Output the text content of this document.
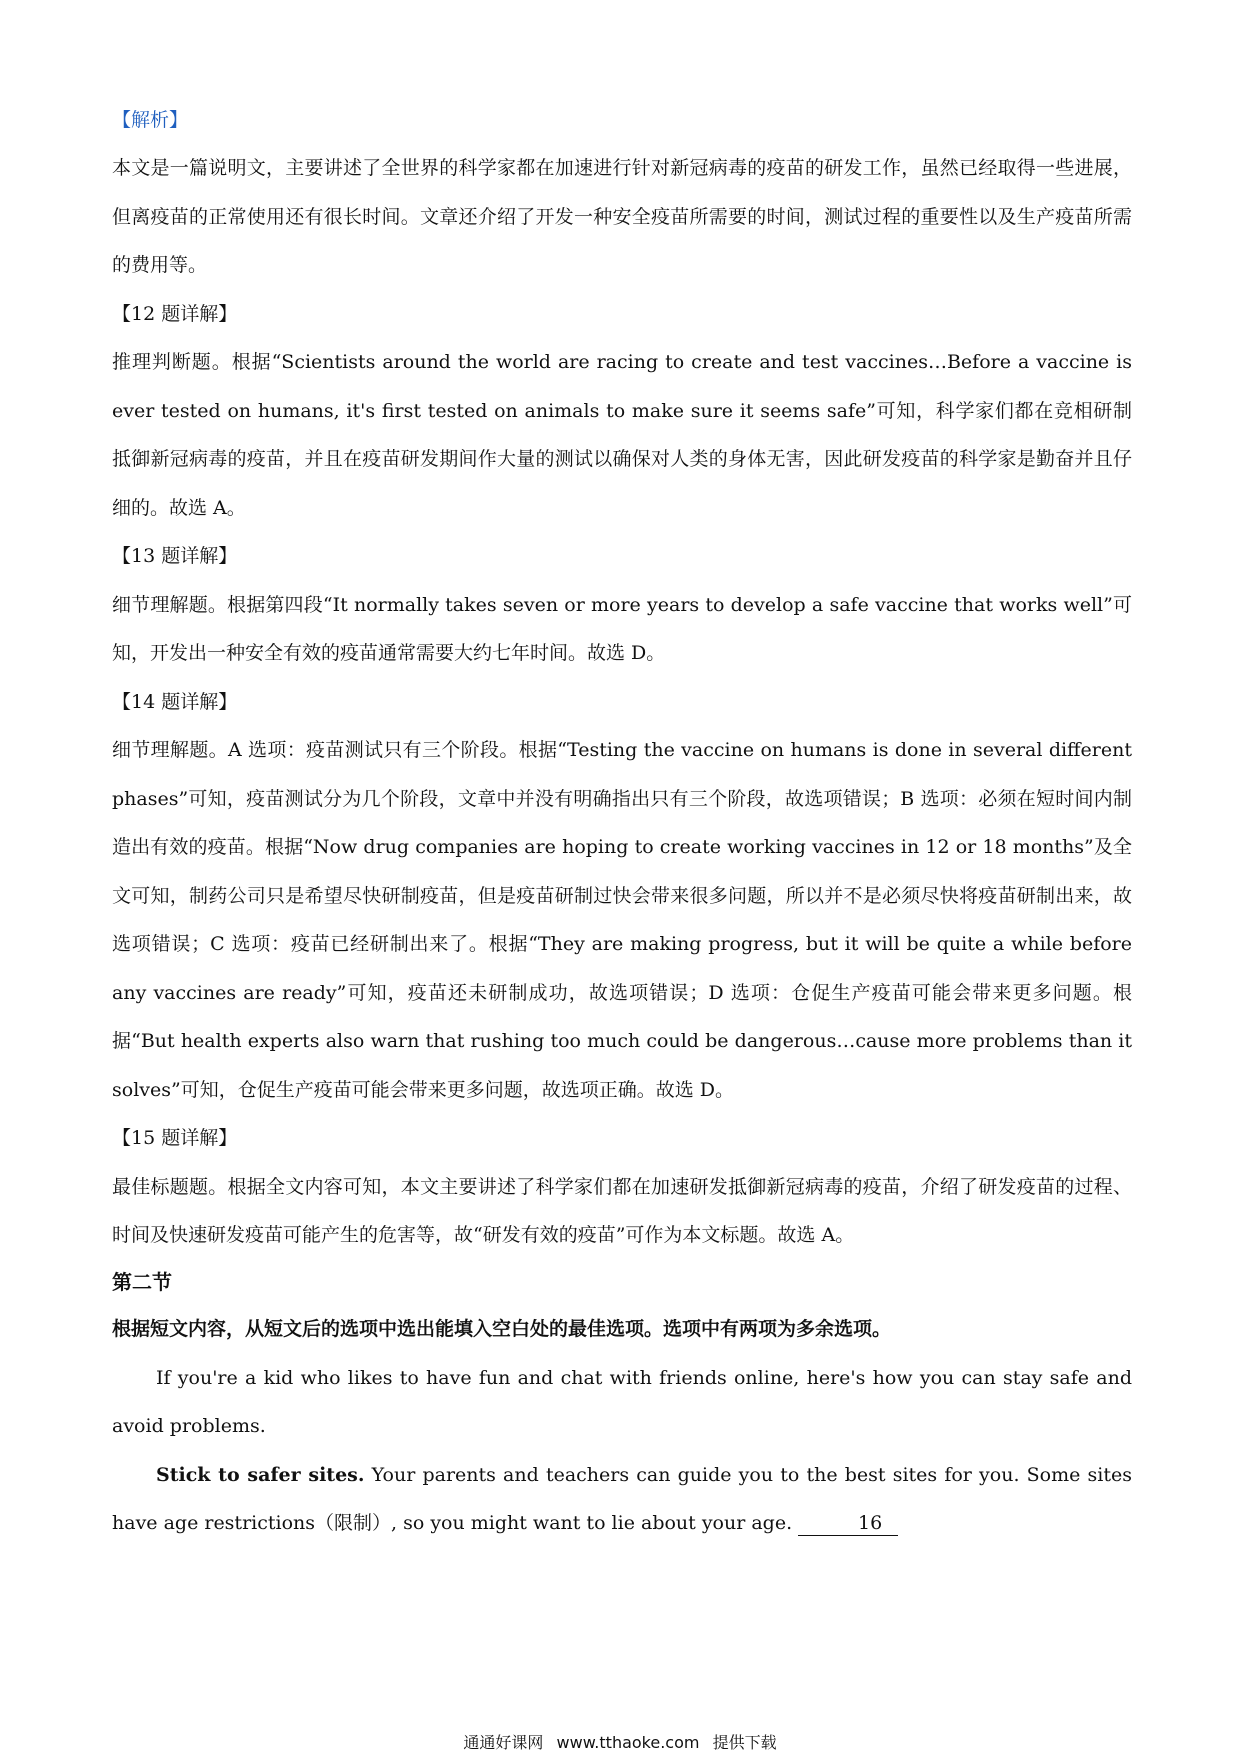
【解析】

本文是一篇说明文，主要讲述了全世界的科学家都在加速进行针对新冠病毒的疫苗的研发工作，虽然已经取得一些进展，但离疫苗的正常使用还有很长时间。文章还介绍了开发一种安全疫苗所需要的时间，测试过程的重要性以及生产疫苗所需的费用等。

【12 题详解】

推理判断题。根据“Scientists around the world are racing to create and test vaccines…Before a vaccine is ever tested on humans, it's first tested on animals to make sure it seems safe”可知，科学家们都在竞相研制抵御新冠病毒的疫苗，并且在疫苗研发期间作大量的测试以确保对人类的身体无害，因此研发疫苗的科学家是勤奋并且仔细的。故选 A。

【13 题详解】

细节理解题。根据第四段“It normally takes seven or more years to develop a safe vaccine that works well”可知，开发出一种安全有效的疫苗通常需要大约七年时间。故选 D。

【14 题详解】

细节理解题。A 选项：疫苗测试只有三个阶段。根据“Testing the vaccine on humans is done in several different phases”可知，疫苗测试分为几个阶段，文章中并没有明确指出只有三个阶段，故选项错误；B 选项：必须在短时间内制造出有效的疫苗。根据“Now drug companies are hoping to create working vaccines in 12 or 18 months”及全文可知，制药公司只是希望尽快研制疫苗，但是疫苗研制过快会带来很多问题，所以并不是必须尽快将疫苗研制出来，故选项错误；C 选项：疫苗已经研制出来了。根据“They are making progress, but it will be quite a while before any vaccines are ready”可知，疫苗还未研制成功，故选项错误；D 选项：仓促生产疫苗可能会带来更多问题。根据“But health experts also warn that rushing too much could be dangerous…cause more problems than it solves”可知，仓促生产疫苗可能会带来更多问题，故选项正确。故选 D。

【15 题详解】

最佳标题题。根据全文内容可知，本文主要讲述了科学家们都在加速研发抵御新冠病毒的疫苗，介绍了研发疫苗的过程、时间及快速研发疫苗可能产生的危害等，故“研发有效的疫苗”可作为本文标题。故选 A。

第二节

根据短文内容，从短文后的选项中选出能填入空白处的最佳选项。选项中有两项为多余选项。

If you're a kid who likes to have fun and chat with friends online, here's how you can stay safe and avoid problems.

Stick to safer sites. Your parents and teachers can guide you to the best sites for you. Some sites have age restrictions（限制）, so you might want to lie about your age.	16

通通好课网 www.tthaoke.com 提供下载
